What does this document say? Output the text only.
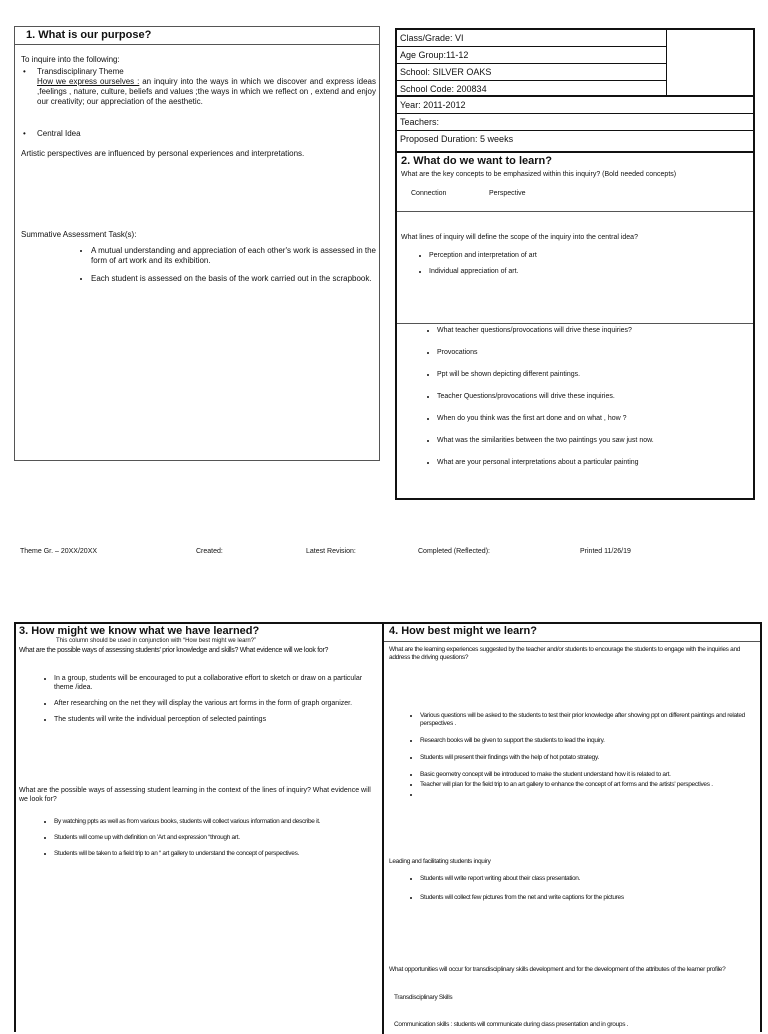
1. What is our purpose?
To inquire into the following:
• Transdisciplinary Theme
How we express ourselves : an inquiry into the ways in which we discover and express ideas ,feelings , nature, culture, beliefs and values ;the ways in which we reflect on , extend and enjoy our creativity; our appreciation of the aesthetic.
• Central Idea
Artistic perspectives are influenced by personal experiences and interpretations.
Summative Assessment Task(s):
• A mutual understanding and appreciation of each other's work is assessed in the form of art work and its exhibition.
• Each student is assessed on the basis of the work carried out in the scrapbook.
Class/Grade: VI
Age Group:11-12
School: SILVER OAKS
School Code: 200834
Year: 2011-2012
Teachers:
Proposed Duration: 5 weeks
2. What do we want to learn?
What are the key concepts to be emphasized within this inquiry? (Bold needed concepts)
Connection	Perspective
What lines of inquiry will define the scope of the inquiry into the central idea?
• Perception and interpretation of art
• Individual appreciation of art.
• What teacher questions/provocations will drive these inquiries?
• Provocations
• Ppt will be shown depicting different paintings.
• Teacher Questions/provocations will drive these inquiries.
• When do you think was the first art done and on what , how ?
• What was the similarities between the two paintings you saw just now.
• What are your personal interpretations about a particular painting
Theme Gr. – 20XX/20XX	Created:	Latest Revision:	Completed (Reflected):	Printed 11/26/19
3. How might we know what we have learned?
This column should be used in conjunction with “How best might we learn?”
What are the possible ways of assessing students' prior knowledge and skills? What evidence will we look for?
• In a group, students will be encouraged to put a collaborative effort to sketch or draw on a particular theme /idea.
• After researching on the net they will display the various art forms in the form of graph organizer.
• The students will write the individual perception of selected paintings
What are the possible ways of assessing student learning in the context of the lines of inquiry? What evidence will we look for?
• By watching ppts as well as from various books, students will collect various information and describe it.
• Students will come up with definition on 'Art and expression “through art.
• Students will be taken to a field trip to an “ art gallery to understand the concept of perspectives.
4. How best might we learn?
What are the learning experiences suggested by the teacher and/or students to encourage the students to engage with the inquiries and address the driving questions?
• Various questions will be asked to the students to test their prior knowledge after showing ppt on different paintings and related perspectives .
• Research books will be given to support the students to lead the inquiry.
• Students will present their findings with the help of hot potato strategy.
• Basic geometry concept will be introduced to make the student understand how it is related to art.
• Teacher will plan for the field trip to an art gallery to enhance the concept of art forms and the artists' perspectives .
•
Leading and facilitating students inquiry
• Students will write report writing about their class presentation.
• Students will collect few pictures from the net and write captions for the pictures
What opportunities will occur for transdisciplinary skills development and for the development of the attributes of the learner profile?
Transdisciplinary Skills
Communication skills : students will communicate during class presentation and in groups .
